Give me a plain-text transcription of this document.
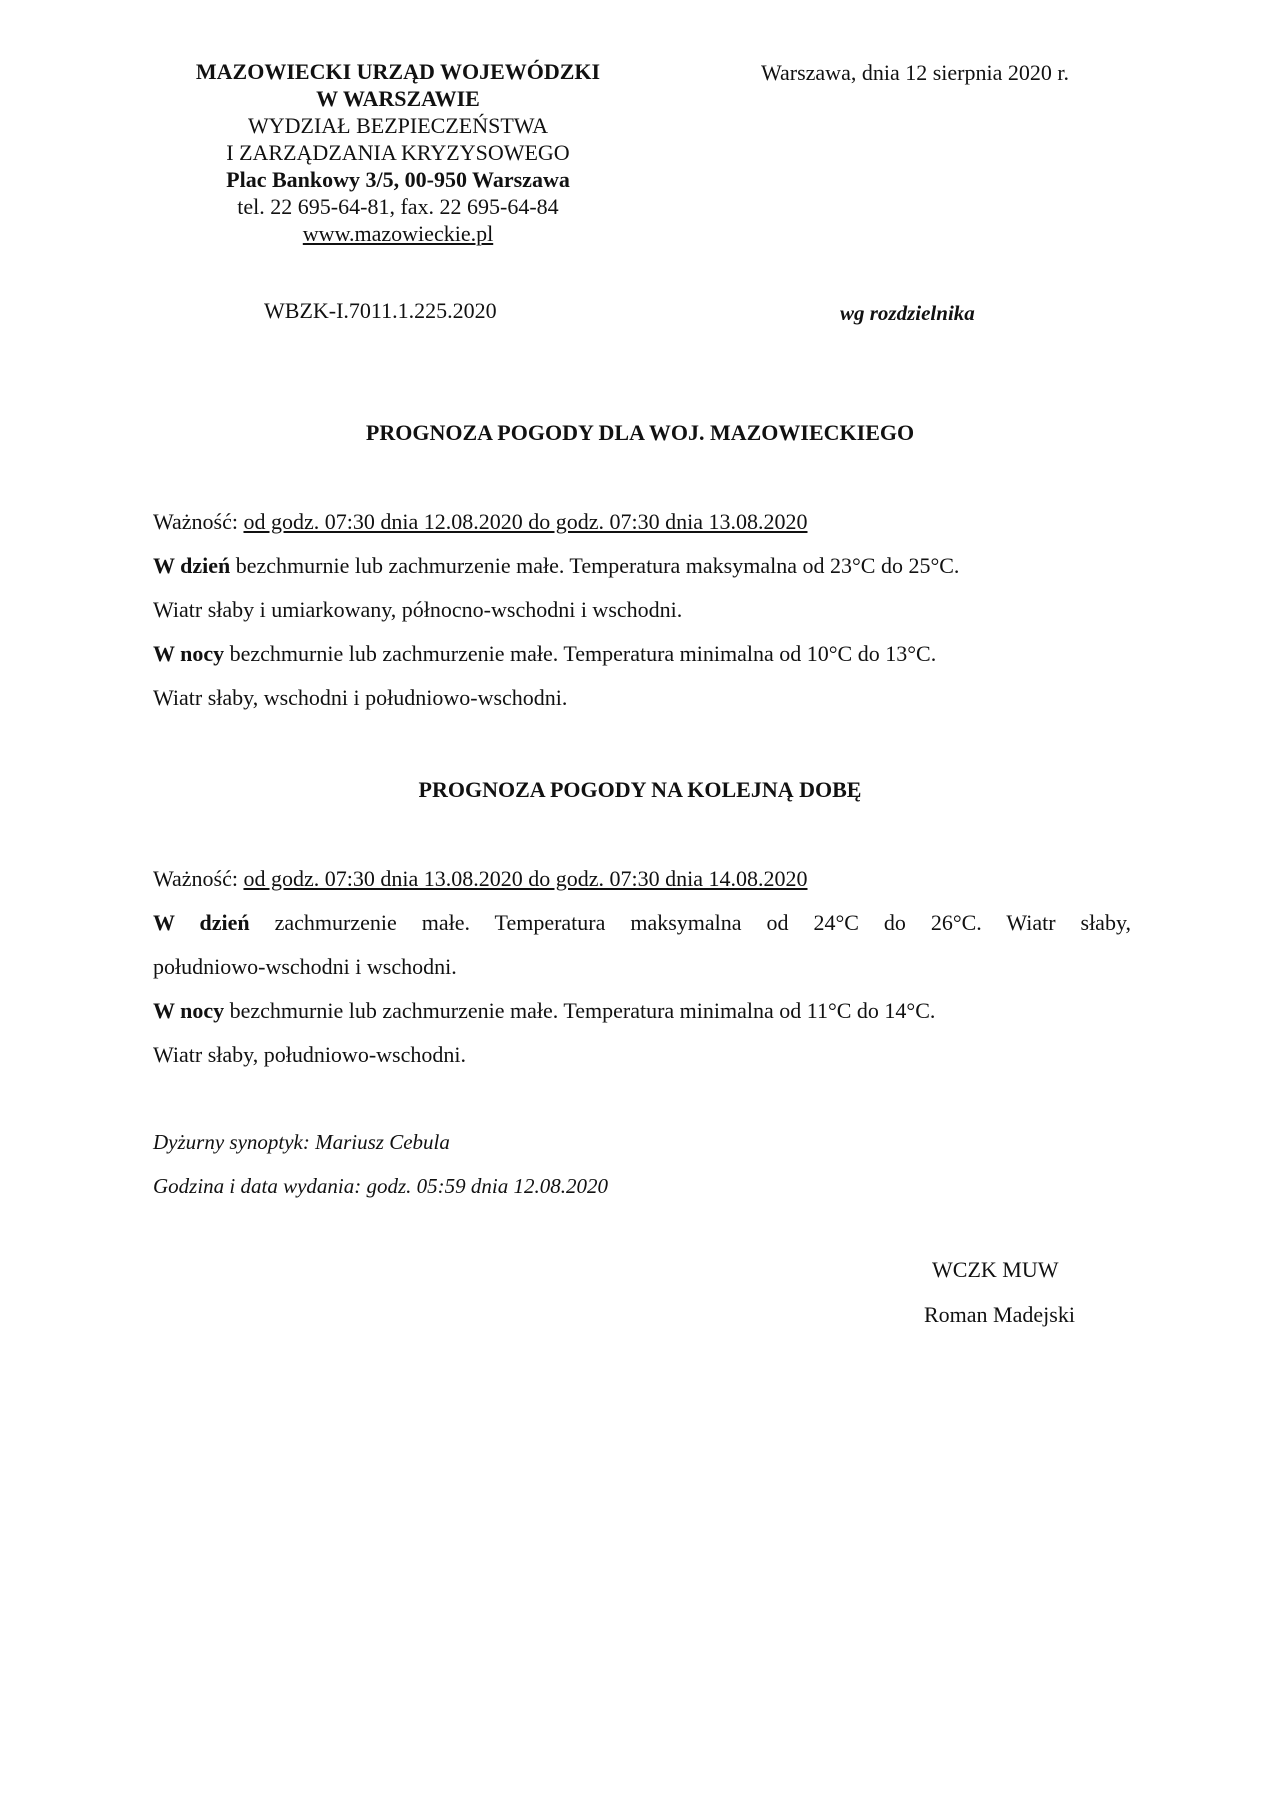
MAZOWIECKI URZĄD WOJEWÓDZKI
W WARSZAWIE
WYDZIAŁ BEZPIECZEŃSTWA
I ZARZĄDZANIA KRYZYSOWEGO
Plac Bankowy 3/5, 00-950 Warszawa
tel. 22 695-64-81, fax. 22 695-64-84
www.mazowieckie.pl
Warszawa, dnia 12 sierpnia 2020 r.
WBZK-I.7011.1.225.2020	wg rozdzielnika
PROGNOZA POGODY DLA WOJ. MAZOWIECKIEGO
Ważność: od godz. 07:30 dnia 12.08.2020 do godz. 07:30 dnia 13.08.2020
W dzień bezchmurnie lub zachmurzenie małe. Temperatura maksymalna od 23°C do 25°C.
Wiatr słaby i umiarkowany, północno-wschodni i wschodni.
W nocy bezchmurnie lub zachmurzenie małe. Temperatura minimalna od 10°C do 13°C.
Wiatr słaby, wschodni i południowo-wschodni.
PROGNOZA POGODY NA KOLEJNĄ DOBĘ
Ważność: od godz. 07:30 dnia 13.08.2020 do godz. 07:30 dnia 14.08.2020
W dzień zachmurzenie małe. Temperatura maksymalna od 24°C do 26°C. Wiatr słaby,
południowo-wschodni i wschodni.
W nocy bezchmurnie lub zachmurzenie małe. Temperatura minimalna od 11°C do 14°C.
Wiatr słaby, południowo-wschodni.
Dyżurny synoptyk: Mariusz Cebula
Godzina i data wydania: godz. 05:59 dnia 12.08.2020
WCZK MUW
Roman Madejski
